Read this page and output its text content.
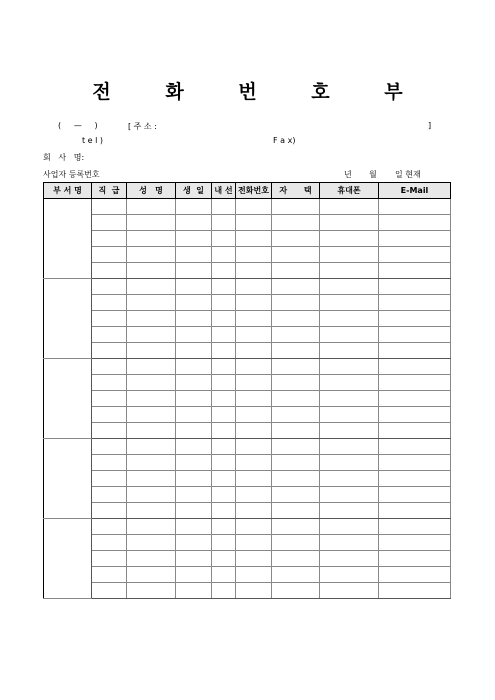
전 화 번 호 부
(     —     )	[ 주 소 :	]
t e l )	F a x)
회   사   명:
사업자 등록번호	년 월 일 현재
부 서 명	직  급	성   명	생  일	내 선	전화번호	자      택	휴대폰	E-Mail
